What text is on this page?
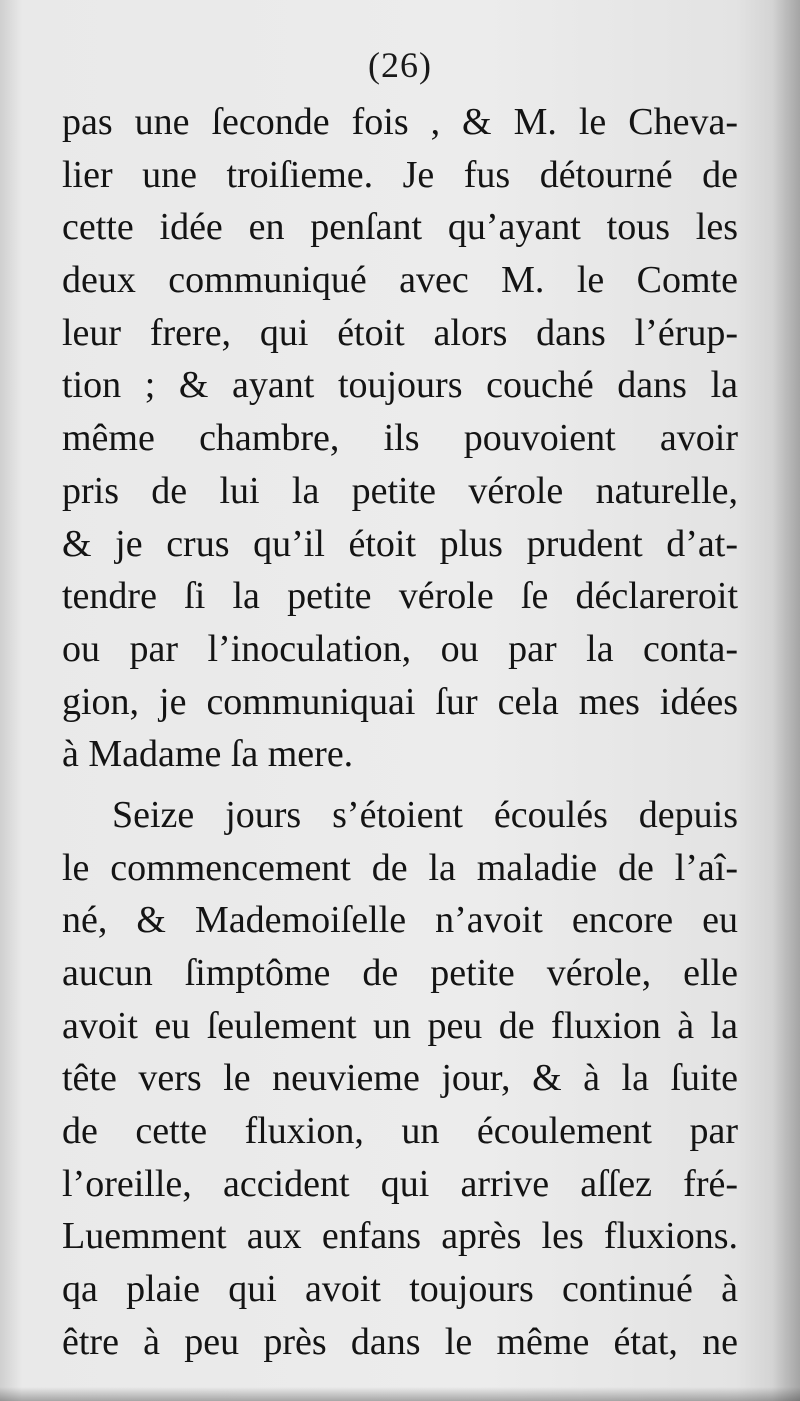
(26)
pas une ſeconde fois , & M. le Cheva-
lier une troiſieme. Je fus détourné de
cette idée en penſant qu’ayant tous les
deux communiqué avec M. le Comte
leur frere, qui étoit alors dans l’érup-
tion ; & ayant toujours couché dans la
même chambre, ils pouvoient avoir
pris de lui la petite vérole naturelle,
& je crus qu’il étoit plus prudent d’at-
tendre ſi la petite vérole ſe déclareroit
ou par l’inoculation, ou par la conta-
gion, je communiquai ſur cela mes idées
à Madame ſa mere.
Seize jours s’étoient écoulés depuis
le commencement de la maladie de l’aî-
né, & Mademoiſelle n’avoit encore eu
aucun ſimptôme de petite vérole, elle
avoit eu ſeulement un peu de fluxion à la
tête vers le neuvieme jour, & à la ſuite
de cette fluxion, un écoulement par
l’oreille, accident qui arrive aſſez fré-
Luemment aux enfans après les fluxions.
qa plaie qui avoit toujours continué à
être à peu près dans le même état, ne
